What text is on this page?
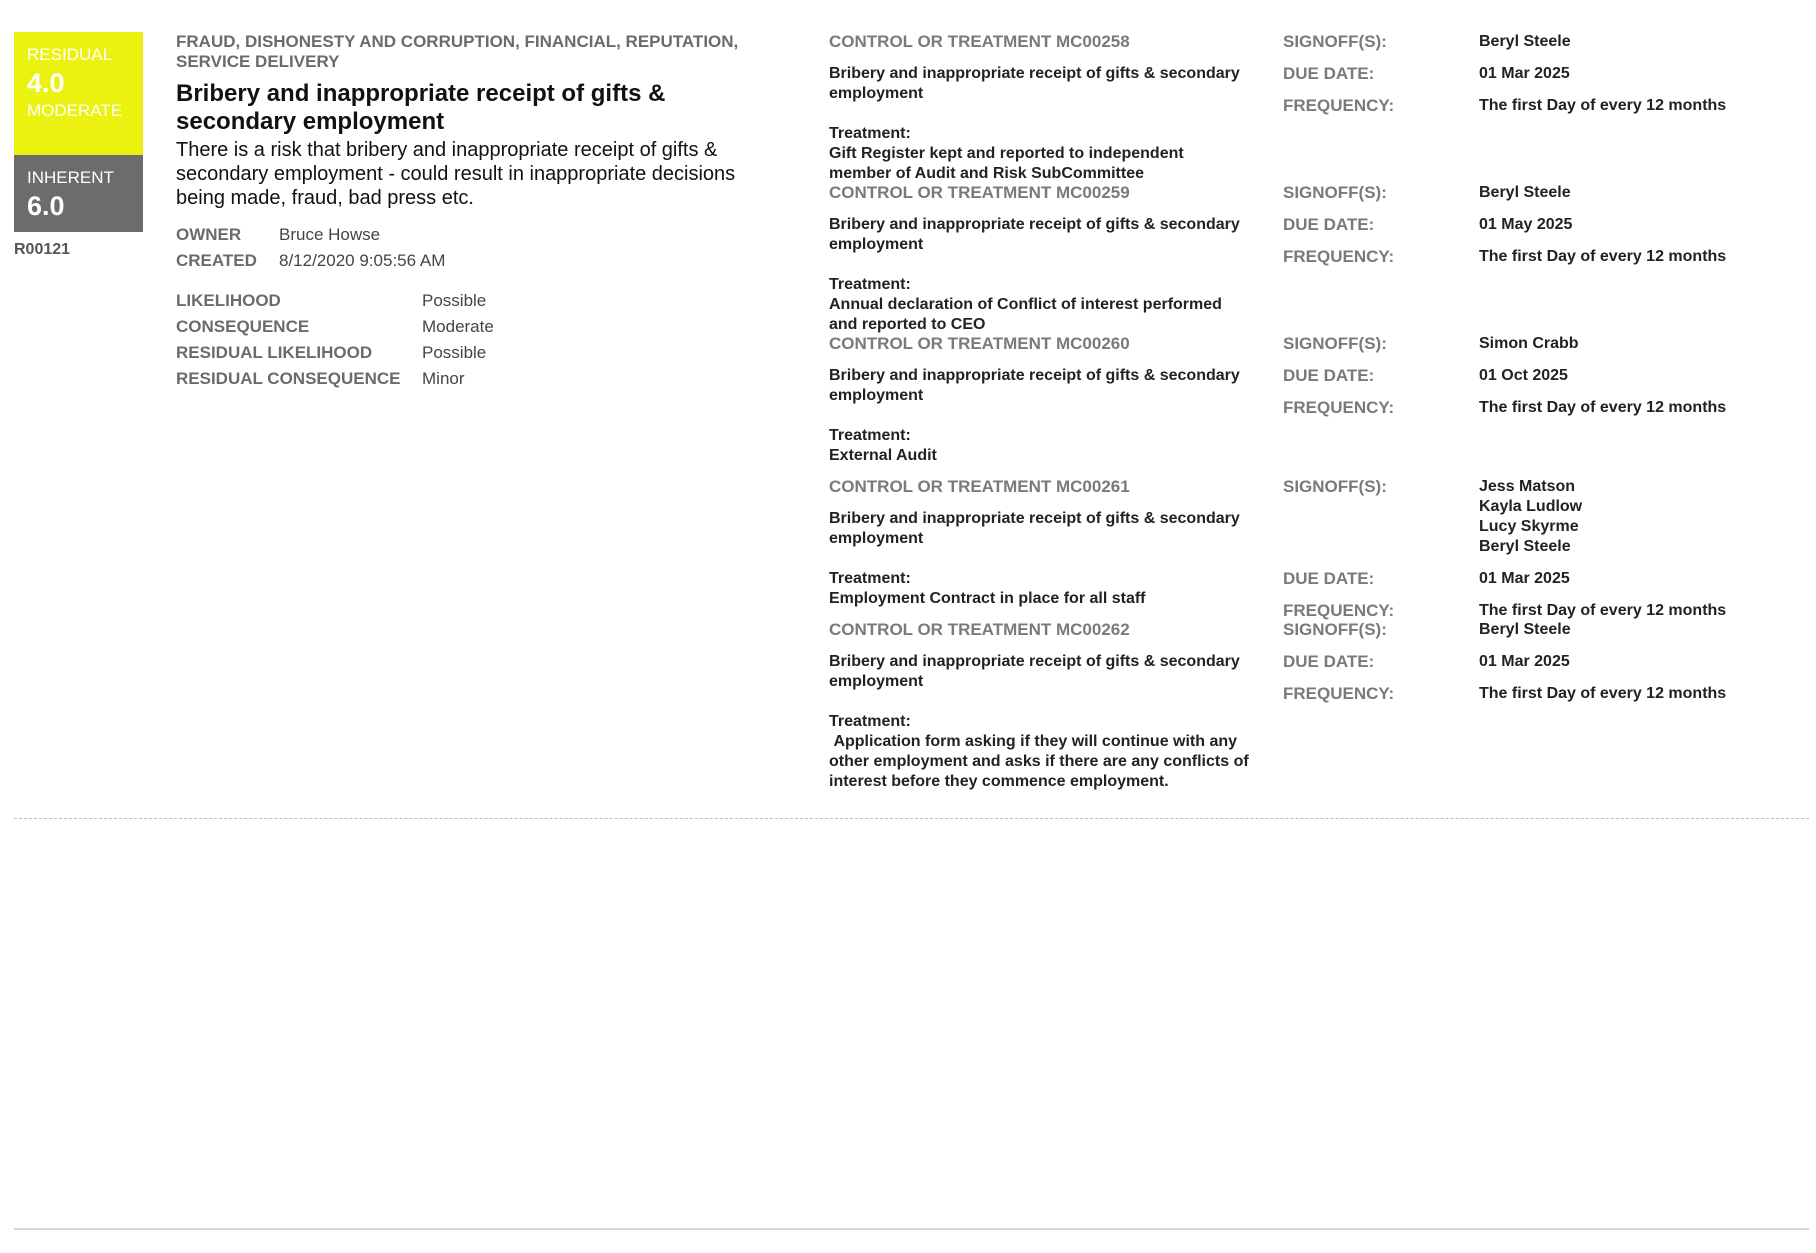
RESIDUAL
4.0
MODERATE
INHERENT
6.0
R00121
FRAUD, DISHONESTY AND CORRUPTION, FINANCIAL, REPUTATION, SERVICE DELIVERY
Bribery and inappropriate receipt of gifts & secondary employment
There is a risk that bribery and inappropriate receipt of gifts & secondary employment - could result in inappropriate decisions being made, fraud, bad press etc.
OWNER	Bruce Howse
CREATED	8/12/2020 9:05:56 AM
LIKELIHOOD	Possible
CONSEQUENCE	Moderate
RESIDUAL LIKELIHOOD	Possible
RESIDUAL CONSEQUENCE	Minor
CONTROL OR TREATMENT MC00258
Bribery and inappropriate receipt of gifts & secondary employment
Treatment:
Gift Register kept and reported to independent member of Audit and Risk SubCommittee
SIGNOFF(S):	Beryl Steele
DUE DATE:	01 Mar 2025
FREQUENCY:	The first Day of every 12 months
CONTROL OR TREATMENT MC00259
Bribery and inappropriate receipt of gifts & secondary employment
Treatment:
Annual declaration of Conflict of interest performed and reported to CEO
SIGNOFF(S):	Beryl Steele
DUE DATE:	01 May 2025
FREQUENCY:	The first Day of every 12 months
CONTROL OR TREATMENT MC00260
Bribery and inappropriate receipt of gifts & secondary employment
Treatment:
External Audit
SIGNOFF(S):	Simon Crabb
DUE DATE:	01 Oct 2025
FREQUENCY:	The first Day of every 12 months
CONTROL OR TREATMENT MC00261
Bribery and inappropriate receipt of gifts & secondary employment
Treatment:
Employment Contract in place for all staff
SIGNOFF(S):	Jess Matson
Kayla Ludlow
Lucy Skyrme
Beryl Steele
DUE DATE:	01 Mar 2025
FREQUENCY:	The first Day of every 12 months
CONTROL OR TREATMENT MC00262
Bribery and inappropriate receipt of gifts & secondary employment
Treatment:
Application form asking if they will continue with any other employment and asks if there are any conflicts of interest before they commence employment.
SIGNOFF(S):	Beryl Steele
DUE DATE:	01 Mar 2025
FREQUENCY:	The first Day of every 12 months
